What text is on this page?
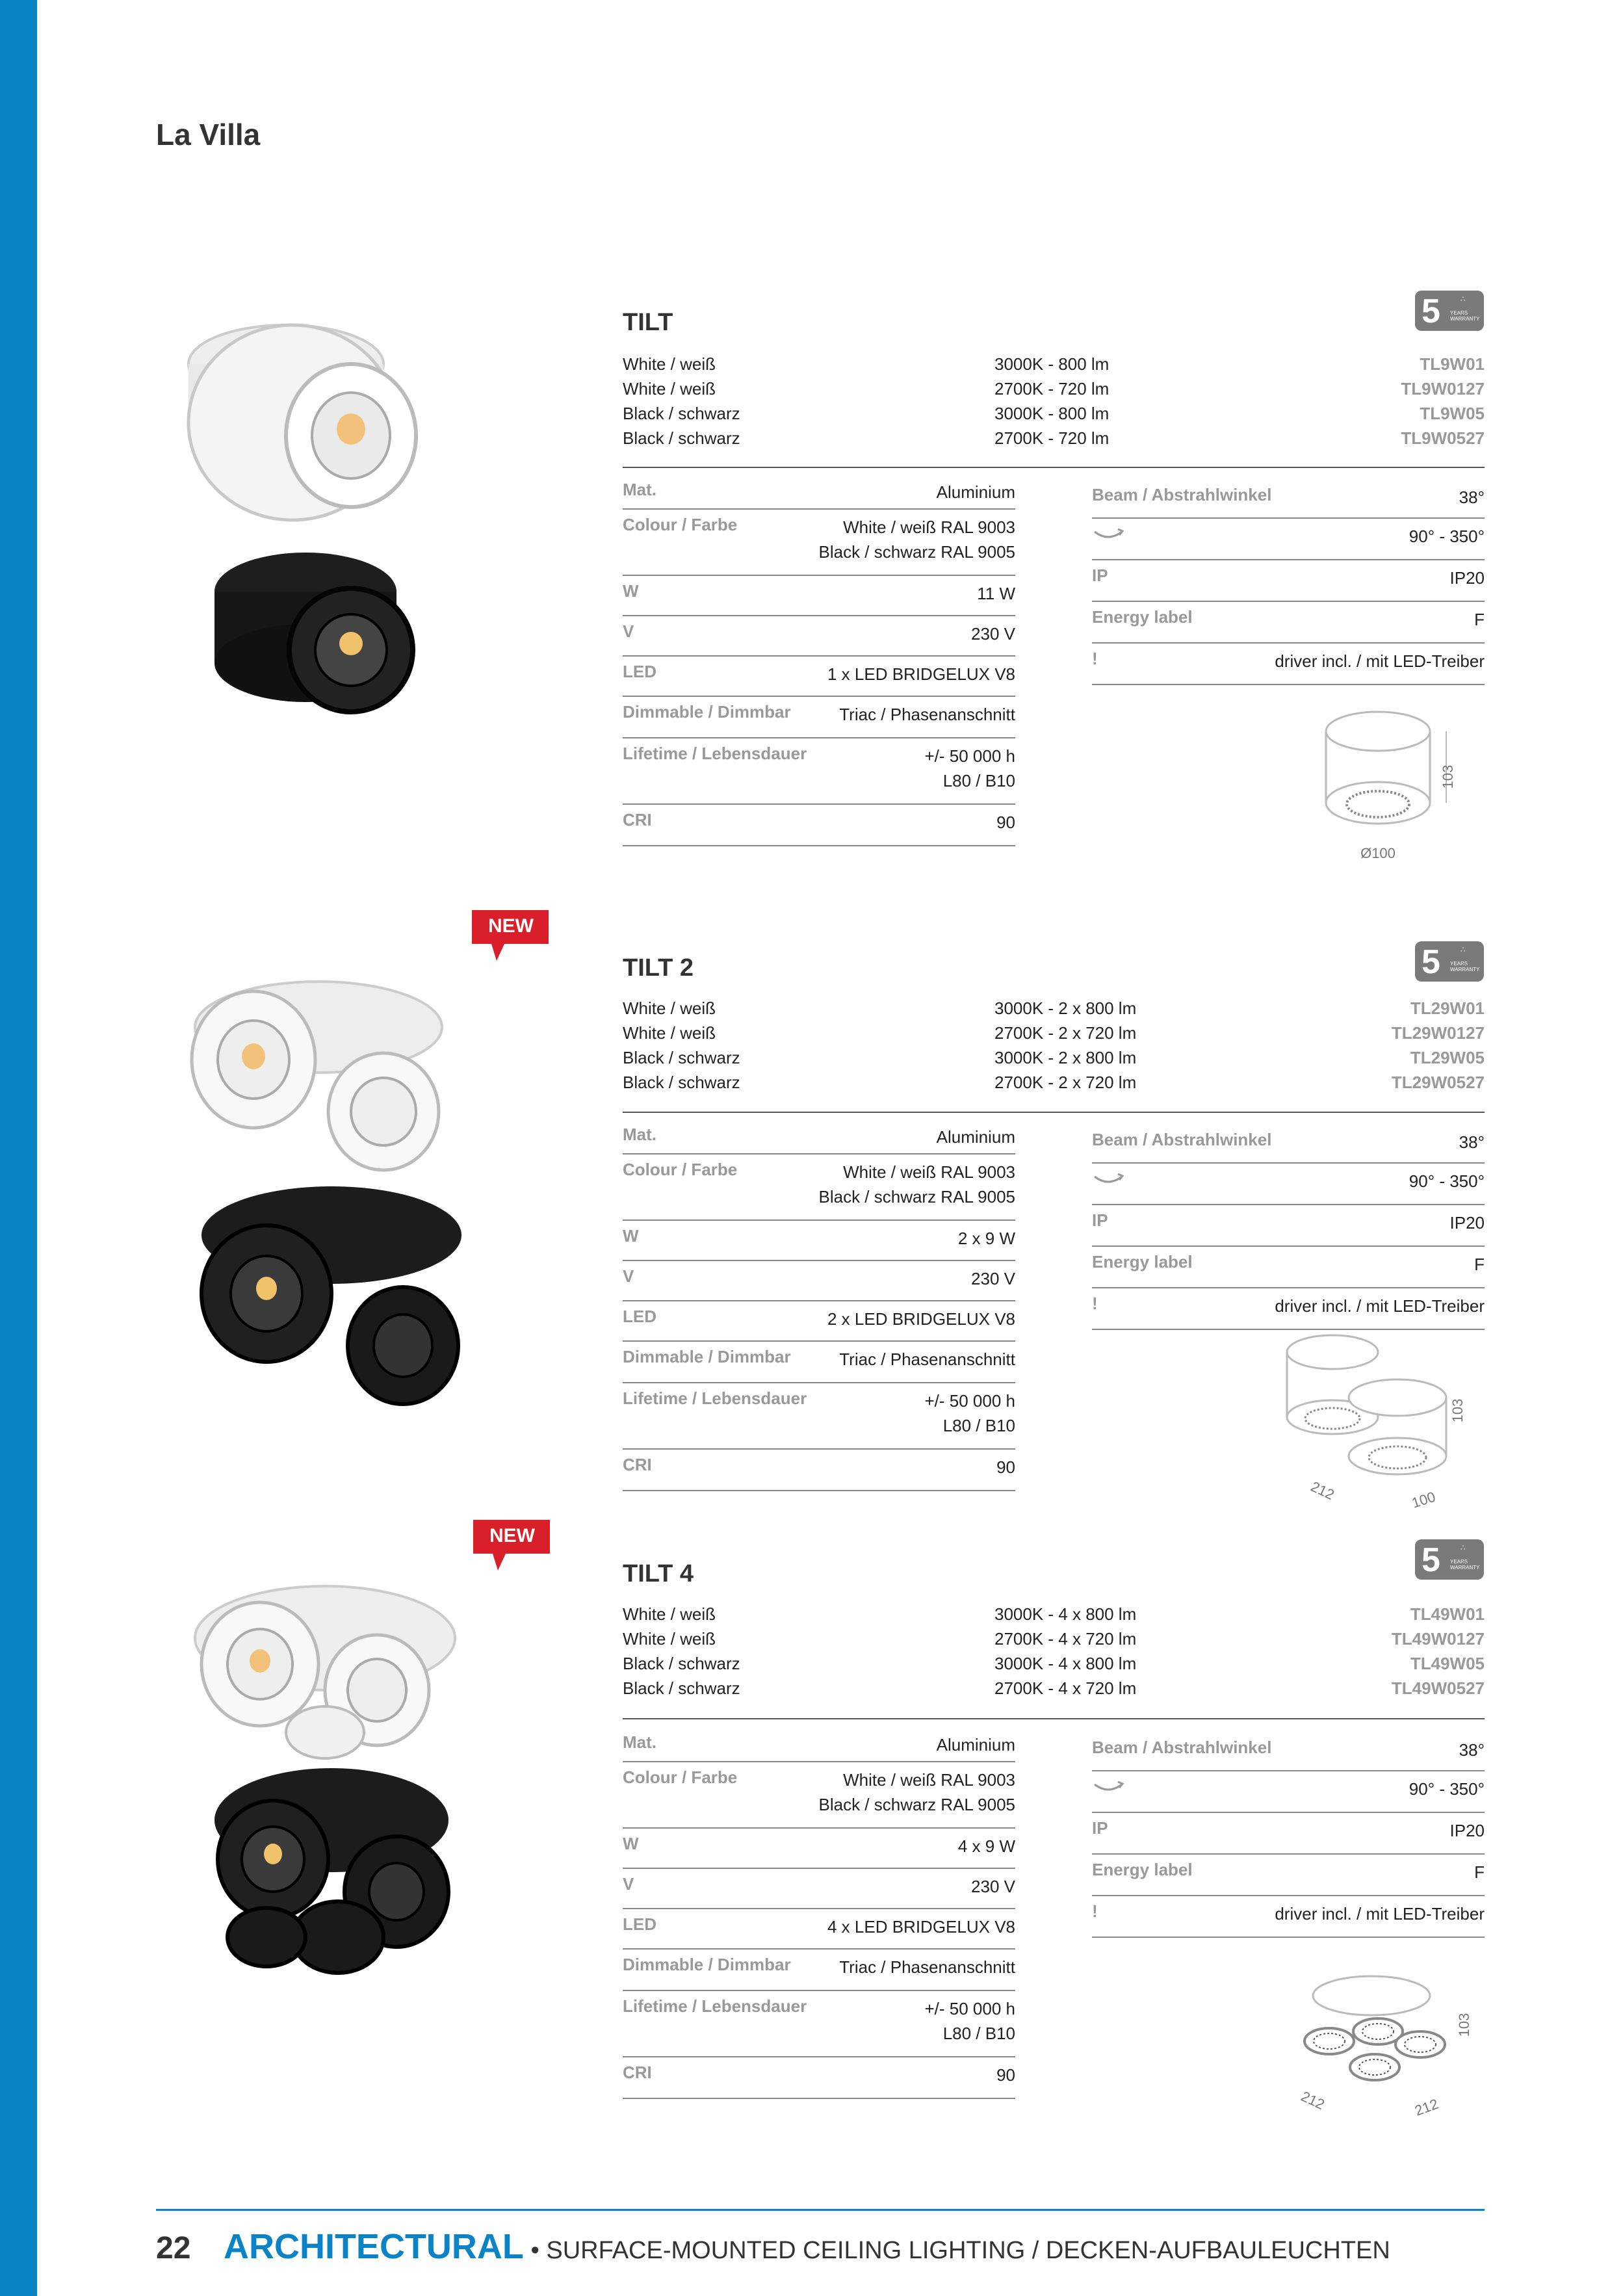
La Villa
TILT	5	∴
YEARS WARRANTY
White / weiß	3000K - 800 lm	TL9W01
White / weiß	2700K - 720 lm	TL9W0127
Black / schwarz	3000K - 800 lm	TL9W05
Black / schwarz	2700K - 720 lm	TL9W0527
Mat.	Aluminium
Colour / Farbe	White / weiß RAL 9003
Black / schwarz RAL 9005
W	11 W
V	230 V
LED	1 x LED BRIDGELUX V8
Dimmable / Dimmbar	Triac / Phasenanschnitt
Lifetime / Lebensdauer	+/- 50 000 h
L80 / B10
CRI	90
Beam / Abstrahlwinkel	38°
90° - 350°
IP	IP20
Energy label	F
!	driver incl. / mit LED-Treiber
103
Ø100
NEW
TILT 2	5	∴
YEARS WARRANTY
White / weiß	3000K - 2 x 800 lm	TL29W01
White / weiß	2700K - 2 x 720 lm	TL29W0127
Black / schwarz	3000K - 2 x 800 lm	TL29W05
Black / schwarz	2700K - 2 x 720 lm	TL29W0527
Mat.	Aluminium
Colour / Farbe	White / weiß RAL 9003
Black / schwarz RAL 9005
W	2 x 9 W
V	230 V
LED	2 x LED BRIDGELUX V8
Dimmable / Dimmbar	Triac / Phasenanschnitt
Lifetime / Lebensdauer	+/- 50 000 h
L80 / B10
CRI	90
Beam / Abstrahlwinkel	38°
90° - 350°
IP	IP20
Energy label	F
!	driver incl. / mit LED-Treiber
103
212	100
NEW
TILT 4	5	∴
YEARS WARRANTY
White / weiß	3000K - 4 x 800 lm	TL49W01
White / weiß	2700K - 4 x 720 lm	TL49W0127
Black / schwarz	3000K - 4 x 800 lm	TL49W05
Black / schwarz	2700K - 4 x 720 lm	TL49W0527
Mat.	Aluminium
Colour / Farbe	White / weiß RAL 9003
Black / schwarz RAL 9005
W	4 x 9 W
V	230 V
LED	4 x LED BRIDGELUX V8
Dimmable / Dimmbar	Triac / Phasenanschnitt
Lifetime / Lebensdauer	+/- 50 000 h
L80 / B10
CRI	90
Beam / Abstrahlwinkel	38°
90° - 350°
IP	IP20
Energy label	F
!	driver incl. / mit LED-Treiber
103
212	212
22 ARCHITECTURAL • SURFACE-MOUNTED CEILING LIGHTING / DECKEN-AUFBAULEUCHTEN
